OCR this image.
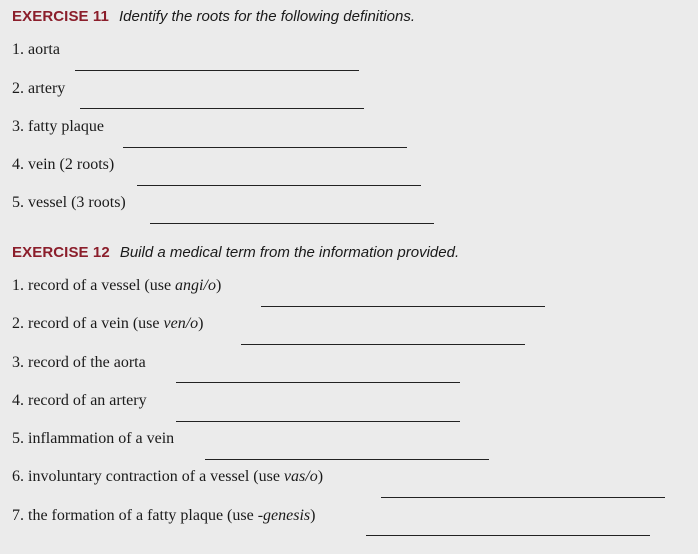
EXERCISE 11 Identify the roots for the following definitions.
1. aorta
2. artery
3. fatty plaque
4. vein (2 roots)
5. vessel (3 roots)
EXERCISE 12 Build a medical term from the information provided.
1. record of a vessel (use angi/o)
2. record of a vein (use ven/o)
3. record of the aorta
4. record of an artery
5. inflammation of a vein
6. involuntary contraction of a vessel (use vas/o)
7. the formation of a fatty plaque (use -genesis)
